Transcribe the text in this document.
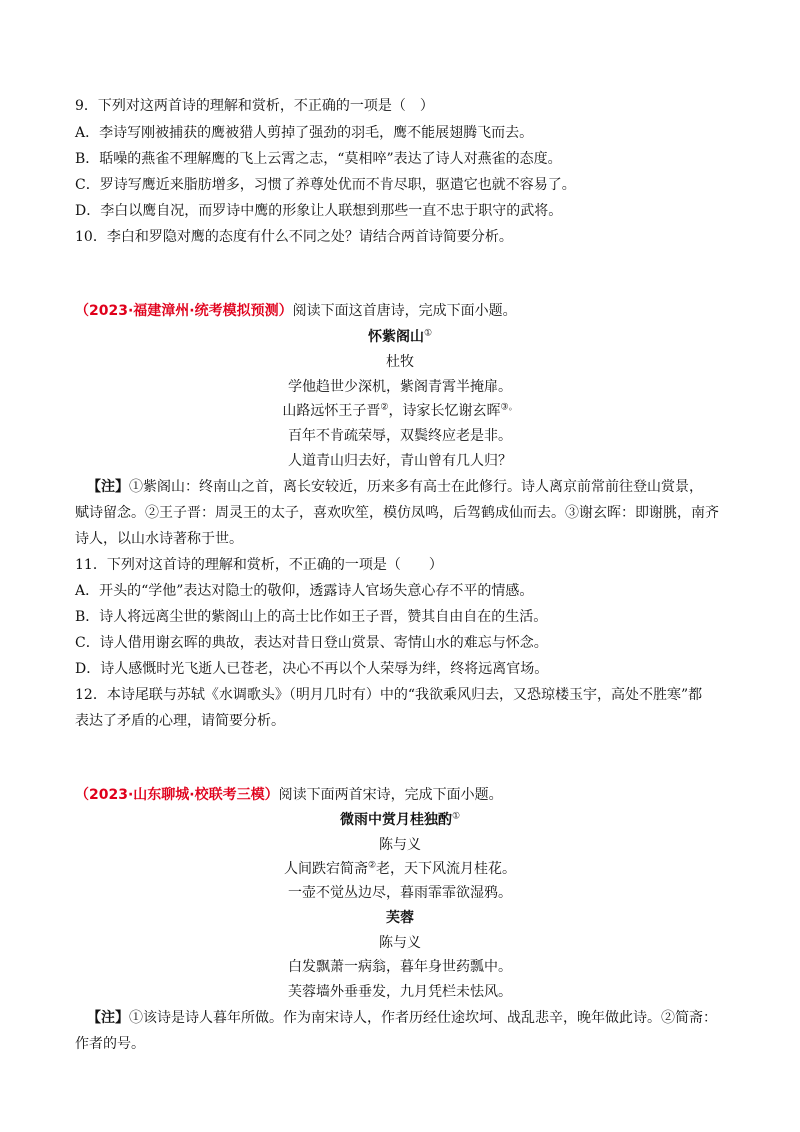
9．下列对这两首诗的理解和赏析，不正确的一项是（　）
A．李诗写刚被捕获的鹰被猎人剪掉了强劲的羽毛，鹰不能展翅腾飞而去。
B．聒噪的燕雀不理解鹰的飞上云霄之志，“莫相啐”表达了诗人对燕雀的态度。
C．罗诗写鹰近来脂肪增多，习惯了养尊处优而不肯尽职，驱遣它也就不容易了。
D．李白以鹰自况，而罗诗中鹰的形象让人联想到那些一直不忠于职守的武将。
10．李白和罗隐对鹰的态度有什么不同之处？请结合两首诗简要分析。
（2023·福建漳州·统考模拟预测）阅读下面这首唐诗，完成下面小题。
怀紫阁山①
杜牧
学他趋世少深机，紫阁青霄半掩扉。
山路远怀王子晋②，诗家长忆谢玄晖③。
百年不肯疏荣辱，双鬓终应老是非。
人道青山归去好，青山曾有几人归？
【注】①紫阁山：终南山之首，离长安较近，历来多有高士在此修行。诗人离京前常前往登山赏景，
赋诗留念。②王子晋：周灵王的太子，喜欢吹笙，模仿凤鸣，后驾鹤成仙而去。③谢玄晖：即谢朓，南齐
诗人，以山水诗著称于世。
11．下列对这首诗的理解和赏析，不正确的一项是（　　）
A．开头的“学他”表达对隐士的敬仰，透露诗人官场失意心存不平的情感。
B．诗人将远离尘世的紫阁山上的高士比作如王子晋，赞其自由自在的生活。
C．诗人借用谢玄晖的典故，表达对昔日登山赏景、寄情山水的难忘与怀念。
D．诗人感慨时光飞逝人已苍老，决心不再以个人荣辱为绊，终将远离官场。
12．本诗尾联与苏轼《水调歌头》（明月几时有）中的“我欲乘风归去，又恐琼楼玉宇，高处不胜寒”都
表达了矛盾的心理，请简要分析。
（2023·山东聊城·校联考三模）阅读下面两首宋诗，完成下面小题。
微雨中赏月桂独酌①
陈与义
人间跌宕简斋②老，天下风流月桂花。
一壶不觉丛边尽，暮雨霏霏欲湿鸦。
芙蓉
陈与义
白发飘萧一病翁，暮年身世药瓢中。
芙蓉墙外垂垂发，九月凭栏未怯风。
【注】①该诗是诗人暮年所做。作为南宋诗人，作者历经仕途坎坷、战乱悲辛，晚年做此诗。②简斋：
作者的号。
